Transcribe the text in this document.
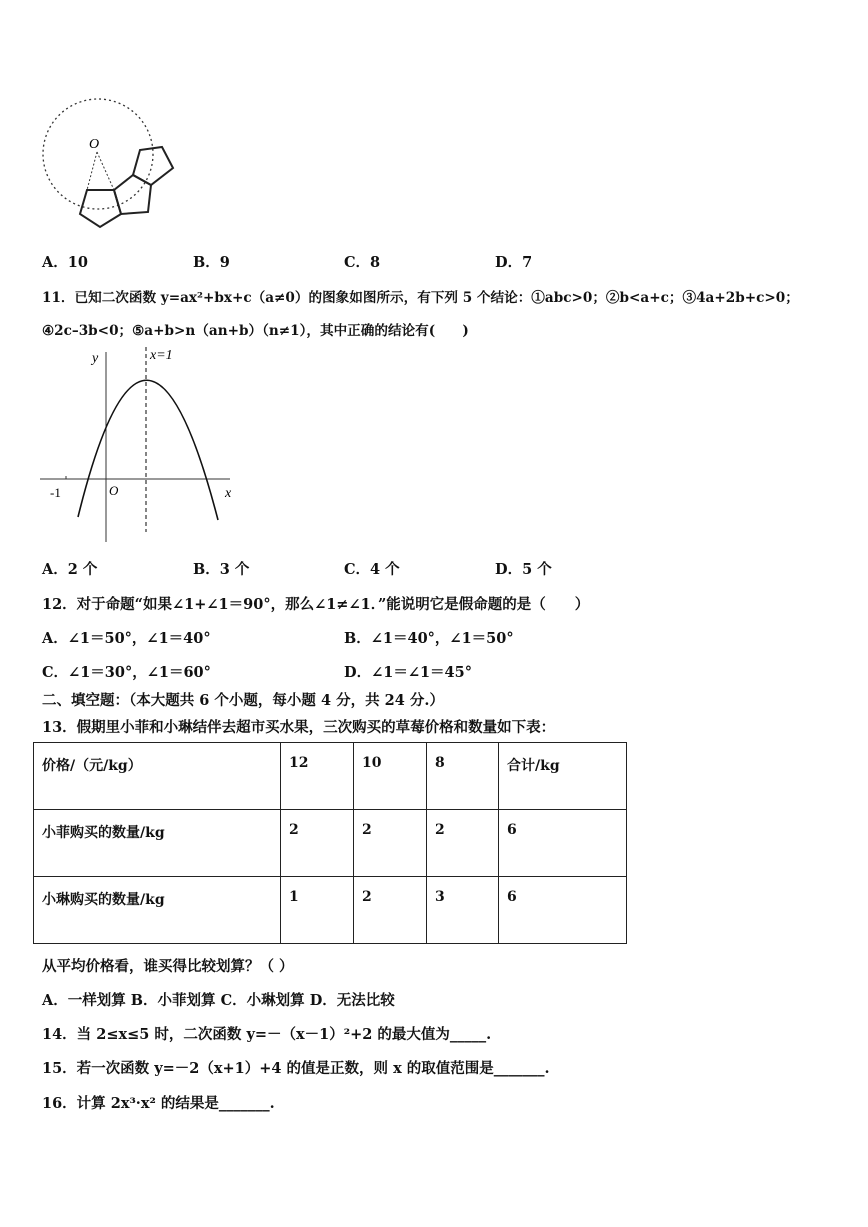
O
A．10	B．9	C．8	D．7
11．已知二次函数 y=ax²+bx+c（a≠0）的图象如图所示，有下列 5 个结论：①abc>0；②b<a+c；③4a+2b+c>0；
④2c–3b<0；⑤a+b>n（an+b）（n≠1），其中正确的结论有(　　)
y	x=1
x
O
-1
A．2 个	B．3 个	C．4 个	D．5 个
12．对于命题“如果∠1+∠1＝90°，那么∠1≠∠1．”能说明它是假命题的是（　　）
A．∠1＝50°，∠1＝40°	B．∠1＝40°，∠1＝50°
C．∠1＝30°，∠1＝60°	D．∠1＝∠1＝45°
二、填空题：（本大题共 6 个小题，每小题 4 分，共 24 分.）
13．假期里小菲和小琳结伴去超市买水果，三次购买的草莓价格和数量如下表：
价格/（元/kg）	12	10	8	合计/kg
小菲购买的数量/kg	2	2	2	6
小琳购买的数量/kg	1	2	3	6
从平均价格看，谁买得比较划算？（ ）
A．一样划算 B．小菲划算 C．小琳划算 D．无法比较
14．当 2≤x≤5 时，二次函数 y=－（x－1）²+2 的最大值为_____.
15．若一次函数 y=－2（x+1）+4 的值是正数，则 x 的取值范围是_______.
16．计算 2x³·x² 的结果是_______.
